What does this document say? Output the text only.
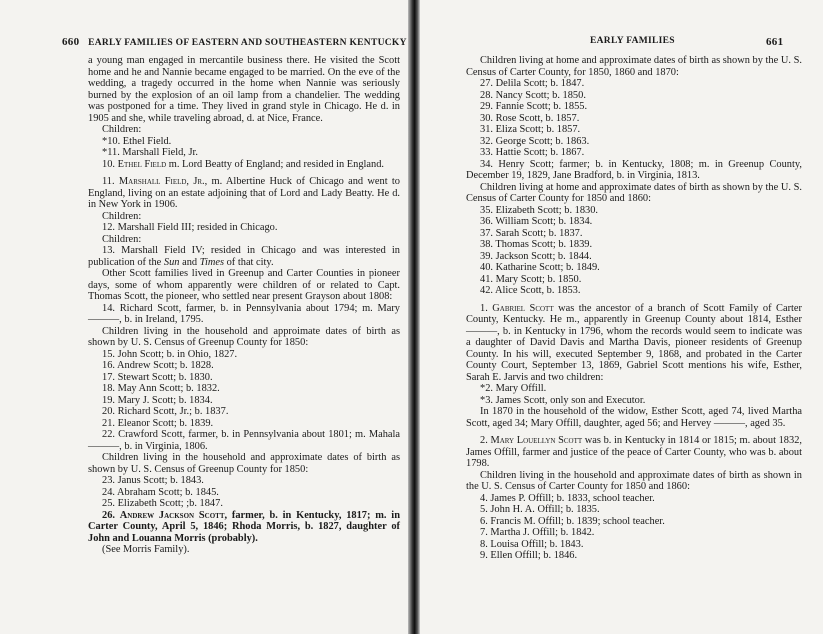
660 EARLY FAMILIES OF EASTERN AND SOUTHEASTERN KENTUCKY

a young man engaged in mercantile business there. He visited the Scott home and he and Nannie became engaged to be married. On the eve of the wedding, a tragedy occurred in the home when Nannie was seriously burned by the explosion of an oil lamp from a chandelier. The wedding was postponed for a time. They lived in grand style in Chicago. He d. in 1905 and she, while traveling abroad, d. at Nice, France.

Children:

*10. Ethel Field.

*11. Marshall Field, Jr.

10. Ethel Field m. Lord Beatty of England; and resided in England.

11. Marshall Field, Jr., m. Albertine Huck of Chicago and went to England, living on an estate adjoining that of Lord and Lady Beatty. He d. in New York in 1906.

Children:

12. Marshall Field III; resided in Chicago.

Children:

13. Marshall Field IV; resided in Chicago and was interested in publication of the Sun and Times of that city.

Other Scott families lived in Greenup and Carter Counties in pioneer days, some of whom apparently were children of or related to Capt. Thomas Scott, the pioneer, who settled near present Grayson about 1808:

14. Richard Scott, farmer, b. in Pennsylvania about 1794; m. Mary ———, b. in Ireland, 1795.

Children living in the household and approimate dates of birth as shown by U. S. Census of Greenup County for 1850:

15. John Scott; b. in Ohio, 1827.

16. Andrew Scott; b. 1828.

17. Stewart Scott; b. 1830.

18. May Ann Scott; b. 1832.

19. Mary J. Scott; b. 1834.

20. Richard Scott, Jr.; b. 1837.

21. Eleanor Scott; b. 1839.

22. Crawford Scott, farmer, b. in Pennsylvania about 1801; m. Mahala ———, b. in Virginia, 1806.

Children living in the household and approximate dates of birth as shown by U. S. Census of Greenup County for 1850:

23. Janus Scott; b. 1843.

24. Abraham Scott; b. 1845.

25. Elizabeth Scott; ;b. 1847.

26. Andrew Jackson Scott, farmer, b. in Kentucky, 1817; m. in Carter County, April 5, 1846; Rhoda Morris, b. 1827, daughter of John and Louanna Morris (probably).

(See Morris Family).

EARLY FAMILIES	661

Children living at home and approximate dates of birth as shown by the U. S. Census of Carter County, for 1850, 1860 and 1870:

27. Delila Scott; b. 1847.

28. Nancy Scott; b. 1850.

29. Fannie Scott; b. 1855.

30. Rose Scott, b. 1857.

31. Eliza Scott; b. 1857.

32. George Scott; b. 1863.

33. Hattie Scott; b. 1867.

34. Henry Scott; farmer; b. in Kentucky, 1808; m. in Greenup County, December 19, 1829, Jane Bradford, b. in Virginia, 1813.

Children living at home and approximate dates of birth as shown by the U. S. Census of Carter County for 1850 and 1860:

35. Elizabeth Scott; b. 1830.

36. William Scott; b. 1834.

37. Sarah Scott; b. 1837.

38. Thomas Scott; b. 1839.

39. Jackson Scott; b. 1844.

40. Katharine Scott; b. 1849.

41. Mary Scott; b. 1850.

42. Alice Scott, b. 1853.

1. Gabriel Scott was the ancestor of a branch of Scott Family of Carter County, Kentucky. He m., apparently in Greenup County about 1814, Esther ———, b. in Kentucky in 1796, whom the records would seem to indicate was a daughter of David Davis and Martha Davis, pioneer residents of Greenup County. In his will, executed September 9, 1868, and probated in the Carter County Court, September 13, 1869, Gabriel Scott mentions his wife, Esther, Sarah E. Jarvis and two children:

*2. Mary Offill.

*3. James Scott, only son and Executor.

In 1870 in the household of the widow, Esther Scott, aged 74, lived Martha Scott, aged 34; Mary Offill, daughter, aged 56; and Hervey ———, aged 35.

2. Mary Louellyn Scott was b. in Kentucky in 1814 or 1815; m. about 1832, James Offill, farmer and justice of the peace of Carter County, who was b. about 1798.

Children living in the household and approximate dates of birth as shown in the U. S. Census of Carter County for 1850 and 1860:

4. James P. Offill; b. 1833, school teacher.

5. John H. A. Offill; b. 1835.

6. Francis M. Offill; b. 1839; school teacher.

7. Martha J. Offill; b. 1842.

8. Louisa Offill; b. 1843.

9. Ellen Offill; b. 1846.
